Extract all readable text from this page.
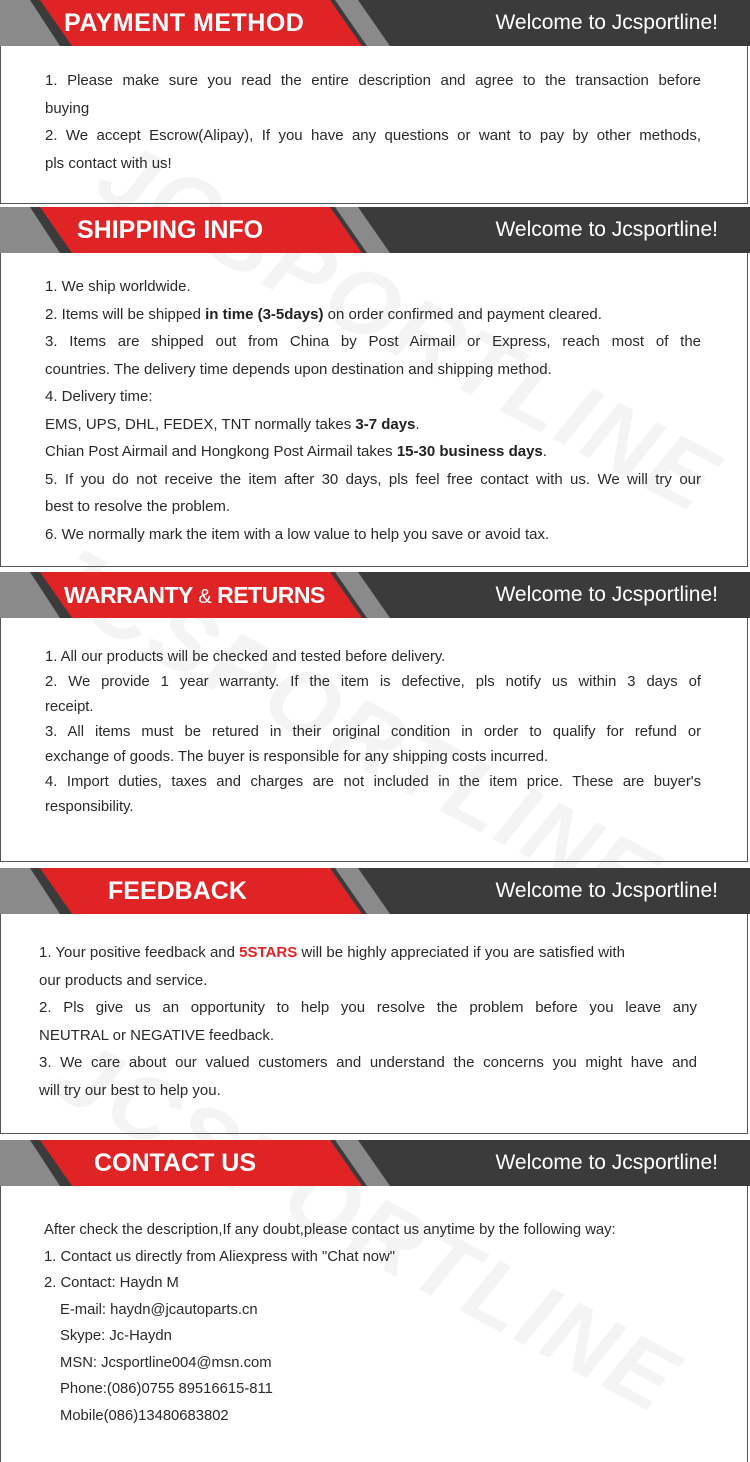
PAYMENT METHOD	Welcome to Jcsportline!
1. Please make sure you read the entire description and agree to the transaction before
buying
2. We accept Escrow(Alipay), If you have any questions or want to pay by other methods,
pls contact with us!
SHIPPING INFO	Welcome to Jcsportline!
1. We ship worldwide.
2. Items will be shipped in time (3-5days) on order confirmed and payment cleared.
3. Items are shipped out from China by Post Airmail or Express, reach most of the
countries. The delivery time depends upon destination and shipping method.
4. Delivery time:
EMS, UPS, DHL, FEDEX, TNT normally takes 3-7 days.
Chian Post Airmail and Hongkong Post Airmail takes 15-30 business days.
5. If you do not receive the item after 30 days, pls feel free contact with us. We will try our
best to resolve the problem.
6. We normally mark the item with a low value to help you save or avoid tax.
WARRANTY & RETURNS	Welcome to Jcsportline!
1. All our products will be checked and tested before delivery.
2. We provide 1 year warranty. If the item is defective, pls notify us within 3 days of
receipt.
3. All items must be retured in their original condition in order to qualify for refund or
exchange of goods. The buyer is responsible for any shipping costs incurred.
4. Import duties, taxes and charges are not included in the item price. These are buyer's
responsibility.
FEEDBACK	Welcome to Jcsportline!
1. Your positive feedback and 5STARS will be highly appreciated if you are satisfied with
our products and service.
2. Pls give us an opportunity to help you resolve the problem before you leave any
NEUTRAL or NEGATIVE feedback.
3. We care about our valued customers and understand the concerns you might have and
will try our best to help you.
CONTACT US	Welcome to Jcsportline!
After check the description,If any doubt,please contact us anytime by the following way:
1. Contact us directly from Aliexpress with "Chat now"
2. Contact: Haydn M
E-mail: haydn@jcautoparts.cn
Skype: Jc-Haydn
MSN: Jcsportline004@msn.com
Phone:(086)0755 89516615-811
Mobile(086)13480683802
